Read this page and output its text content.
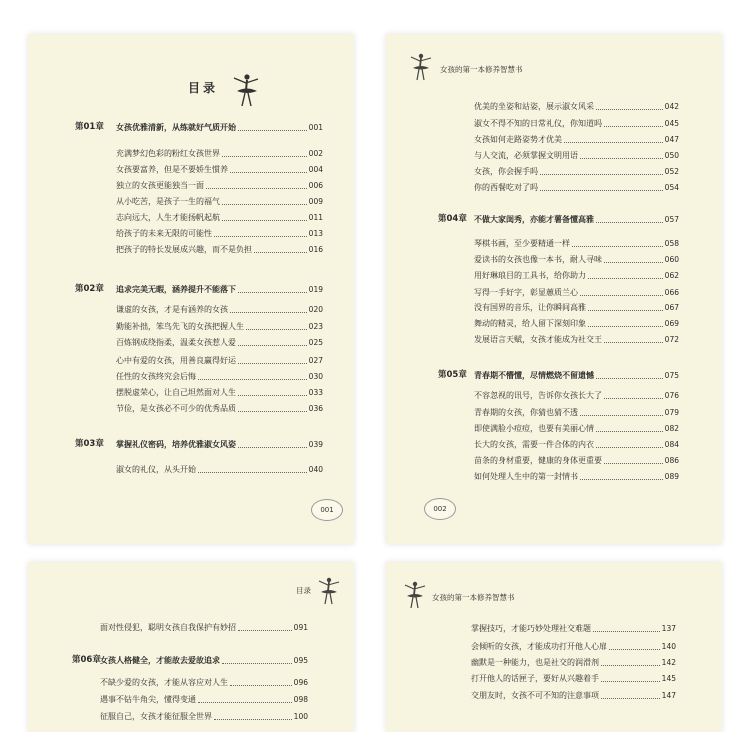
目录
第01章 女孩优雅清新，从练就好气质开始	001
充满梦幻色彩的粉红女孩世界	002
女孩要富养，但是不要娇生惯养	004
独立的女孩更能独当一面	006
从小吃苦，是孩子一生的福气	009
志向远大，人生才能扬帆起航	011
给孩子的未来无限的可能性	013
把孩子的特长发展成兴趣，而不是负担	016
第02章 追求完美无暇，涵养提升不能落下	019
谦虚的女孩，才是有涵养的女孩	020
勤能补拙，笨鸟先飞的女孩把握人生	023
百炼钢成绕指柔，温柔女孩惹人爱	025
心中有爱的女孩，用善良赢得好运	027
任性的女孩终究会后悔	030
摆脱虚荣心，让自己坦然面对人生	033
节俭，是女孩必不可少的优秀品质	036
第03章 掌握礼仪密码，培养优雅淑女风姿	039
淑女的礼仪，从头开始	040
001
女孩的第一本修养智慧书
优美的坐姿和站姿，展示淑女风采	042
淑女不得不知的日常礼仪，你知道吗	045
女孩如何走路姿势才优美	047
与人交流，必须掌握文明用语	050
女孩，你会握手吗	052
你的西餐吃对了吗	054
第04章 不做大家闺秀，亦能才薯备懂高雅	057
琴棋书画，至少要精通一样	058
爱读书的女孩也像一本书，耐人寻味	060
用好琳琅目的工具书，给你助力	062
写得一手好字，彰显蕙质兰心	066
没有国界的音乐，让你瞬间高雅	067
舞动的精灵，给人留下深刻印象	069
发展语言天赋，女孩才能成为社交王	072
第05章 青春期不懵懂，尽情燃烧不留遗憾	075
不容忽视的讯号，告诉你女孩长大了	076
青春期的女孩，你猜也猜不透	079
即使满脸小痘痘，也要有美丽心情	082
长大的女孩，需要一件合体的内衣	084
苗条的身材重要，健康的身体更重要	086
如何处理人生中的第一封情书	089
002
目录
面对性侵犯，聪明女孩自我保护有妙招	091
第06章 女孩人格健全，才能故去爱故追求	095
不缺少爱的女孩，才能从容应对人生	096
遇事不钻牛角尖，懂得变通	098
征服自己，女孩才能征服全世界	100
女孩的第一本修养智慧书
掌握技巧，才能巧妙处理社交难题	137
会倾听的女孩，才能成功打开他人心扉	140
幽默是一种能力，也是社交的润滑剂	142
打开他人的话匣子，要好从兴趣着手	145
交朋友时，女孩不可不知的注意事项	147
